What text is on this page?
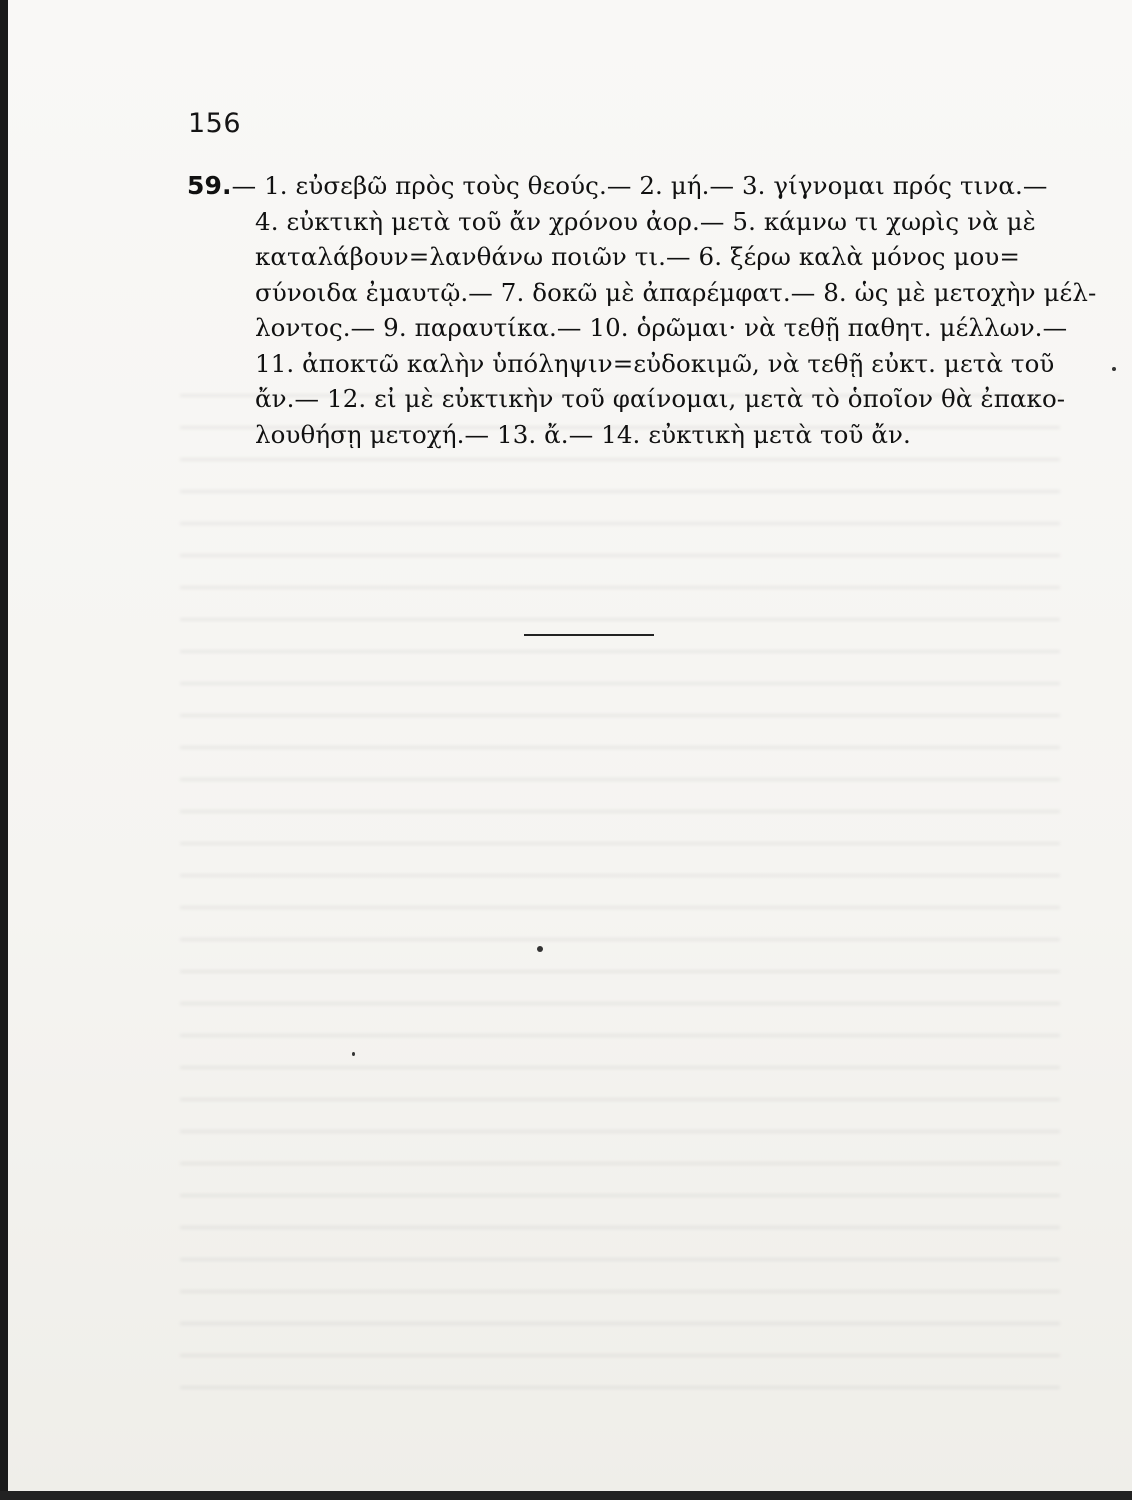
156
59.— 1. εὐσεβῶ πρὸς τοὺς θεούς.— 2. μή.— 3. γίγνομαι πρός τινα.—
4. εὐκτικὴ μετὰ τοῦ ἄν χρόνου ἀορ.— 5. κάμνω τι χωρὶς νὰ μὲ
καταλάβουν=λανθάνω ποιῶν τι.— 6. ξέρω καλὰ μόνος μου=
σύνοιδα ἐμαυτῷ.— 7. δοκῶ μὲ ἀπαρέμφατ.— 8. ὡς μὲ μετοχὴν μέλ-
λοντος.— 9. παραυτίκα.— 10. ὁρῶμαι· νὰ τεθῇ παθητ. μέλλων.—
11. ἀποκτῶ καλὴν ὑπόληψιν=εὐδοκιμῶ, νὰ τεθῇ εὐκτ. μετὰ τοῦ
ἄν.— 12. εἰ μὲ εὐκτικὴν τοῦ φαίνομαι, μετὰ τὸ ὁποῖον θὰ ἐπακο-
λουθήσῃ μετοχή.— 13. ἄ.— 14. εὐκτικὴ μετὰ τοῦ ἄν.
